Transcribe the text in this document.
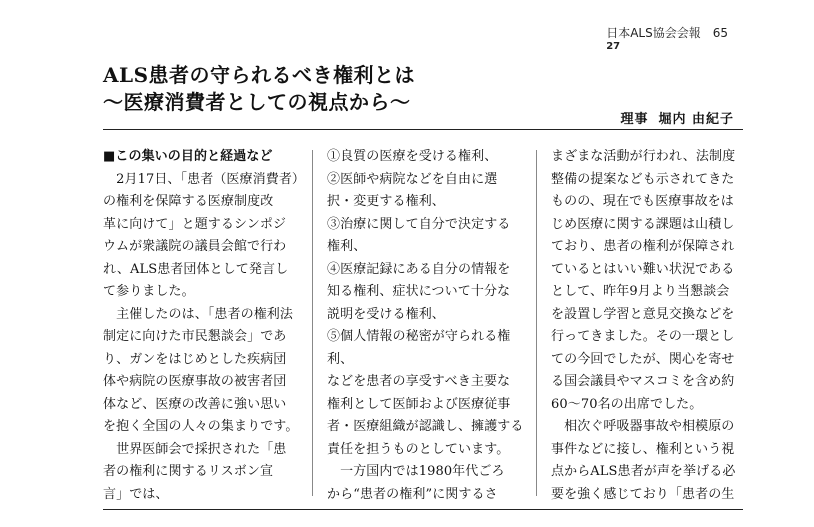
日本ALS協会会報 65
27
ALS患者の守られるべき権利とは
〜医療消費者としての視点から〜
理事 堀内 由紀子

■この集いの目的と経過など

　2月17日、「患者（医療消費者）

の権利を保障する医療制度改

革に向けて」と題するシンポジ

ウムが衆議院の議員会館で行わ

れ、ALS患者団体として発言し

て参りました。

　主催したのは、「患者の権利法

制定に向けた市民懇談会」であ

り、ガンをはじめとした疾病団

体や病院の医療事故の被害者団

体など、医療の改善に強い思い

を抱く全国の人々の集まりです。

　世界医師会で採択された「患

者の権利に関するリスボン宣

言」では、

①良質の医療を受ける権利、

②医師や病院などを自由に選

択・変更する権利、

③治療に関して自分で決定する

権利、

④医療記録にある自分の情報を

知る権利、症状について十分な

説明を受ける権利、

⑤個人情報の秘密が守られる権

利、

などを患者の享受すべき主要な

権利として医師および医療従事

者・医療組織が認識し、擁護する

責任を担うものとしています。

　一方国内では1980年代ごろ

から“患者の権利”に関するさ

まざまな活動が行われ、法制度

整備の提案なども示されてきた

ものの、現在でも医療事故をは

じめ医療に関する課題は山積し

ており、患者の権利が保障され

ているとはいい難い状況である

として、昨年9月より当懇談会

を設置し学習と意見交換などを

行ってきました。その一環とし

ての今回でしたが、関心を寄せ

る国会議員やマスコミを含め約

60〜70名の出席でした。

　相次ぐ呼吸器事故や相模原の

事件などに接し、権利という視

点からALS患者が声を挙げる必

要を強く感じており「患者の生
